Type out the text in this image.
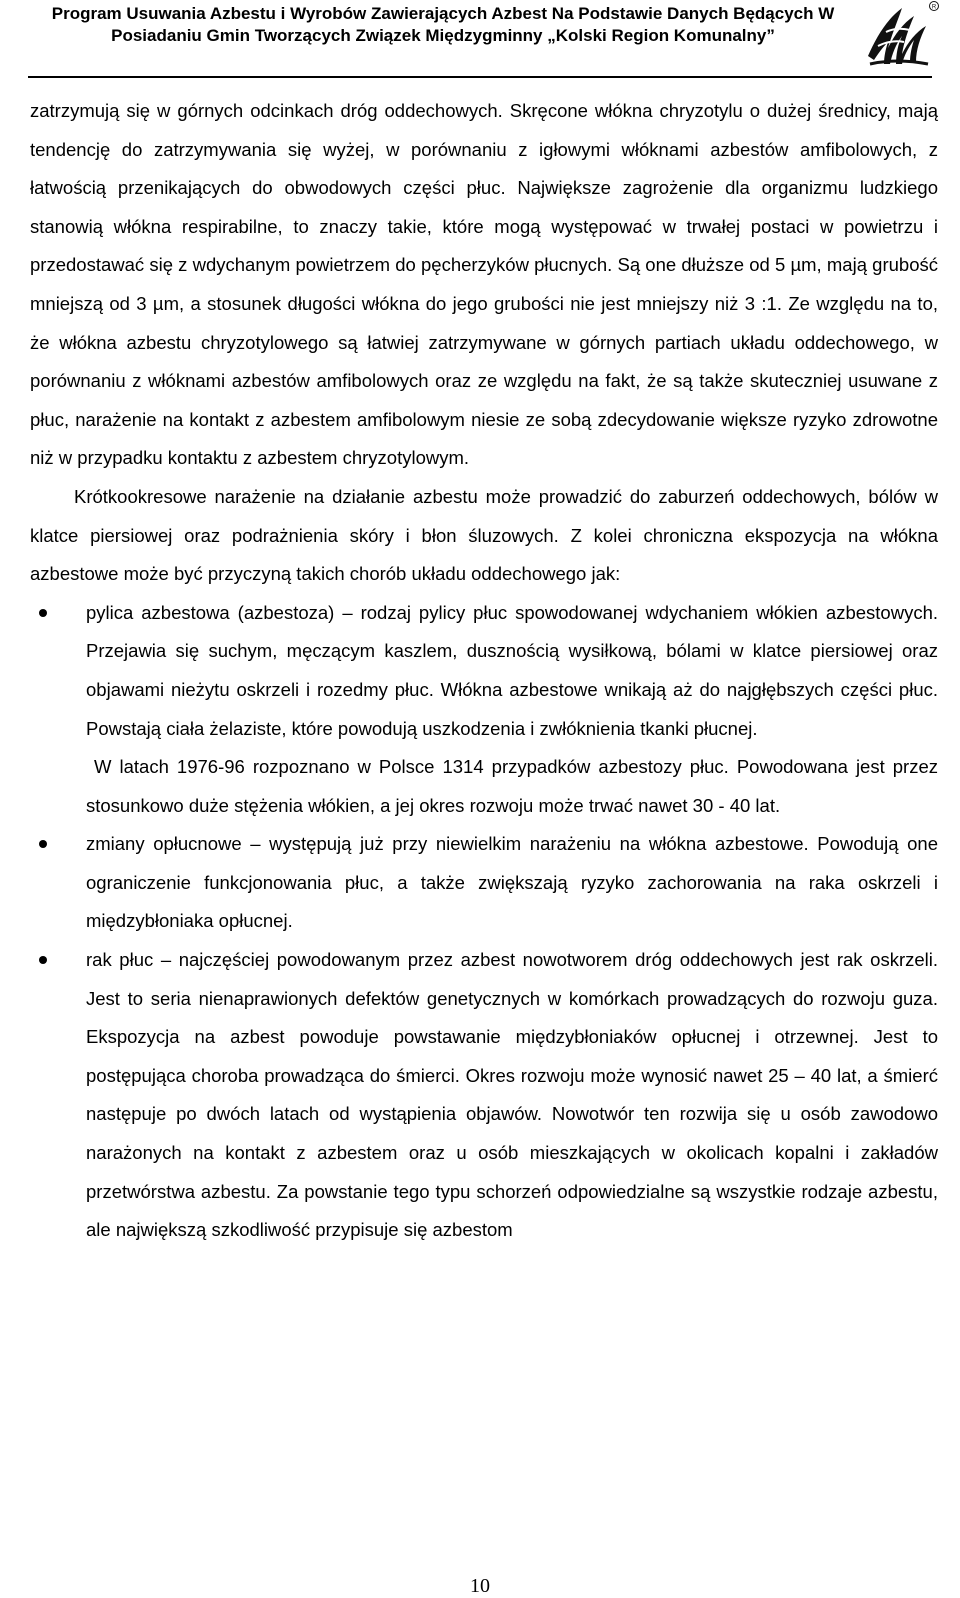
Program Usuwania Azbestu i Wyrobów Zawierających Azbest Na Podstawie Danych Będących W Posiadaniu Gmin Tworzących Związek Międzygminny „Kolski Region Komunalny”

R

zatrzymują się w górnych odcinkach dróg oddechowych. Skręcone włókna chryzotylu o dużej średnicy, mają tendencję do zatrzymywania się wyżej, w porównaniu z igłowymi włóknami azbestów amfibolowych, z łatwością przenikających do obwodowych części płuc. Największe zagrożenie dla organizmu ludzkiego stanowią włókna respirabilne, to znaczy takie, które mogą występować w trwałej postaci w powietrzu i przedostawać się z wdychanym powietrzem do pęcherzyków płucnych. Są one dłuższe od 5 µm, mają grubość mniejszą od 3 µm, a stosunek długości włókna do jego grubości nie jest mniejszy niż 3 :1. Ze względu na to, że włókna azbestu chryzotylowego są łatwiej zatrzymywane w górnych partiach układu oddechowego, w porównaniu z włóknami azbestów amfibolowych oraz ze względu na fakt, że są także skuteczniej usuwane z płuc, narażenie na kontakt z azbestem amfibolowym niesie ze sobą zdecydowanie większe ryzyko zdrowotne niż w przypadku kontaktu z azbestem chryzotylowym.

Krótkookresowe narażenie na działanie azbestu może prowadzić do zaburzeń oddechowych, bólów w klatce piersiowej oraz podrażnienia skóry i błon śluzowych. Z kolei chroniczna ekspozycja na włókna azbestowe może być przyczyną takich chorób układu oddechowego jak:

pylica azbestowa (azbestoza) – rodzaj pylicy płuc spowodowanej wdychaniem włókien azbestowych. Przejawia się suchym, męczącym kaszlem, dusznością wysiłkową, bólami w klatce piersiowej oraz objawami nieżytu oskrzeli i rozedmy płuc. Włókna azbestowe wnikają aż do najgłębszych części płuc. Powstają ciała żelaziste, które powodują uszkodzenia i zwłóknienia tkanki płucnej.

W latach 1976-96 rozpoznano w Polsce 1314 przypadków azbestozy płuc. Powodowana jest przez stosunkowo duże stężenia włókien, a jej okres rozwoju może trwać nawet 30 - 40 lat.

zmiany opłucnowe – występują już przy niewielkim narażeniu na włókna azbestowe. Powodują one ograniczenie funkcjonowania płuc, a także zwiększają ryzyko zachorowania na raka oskrzeli i międzybłoniaka opłucnej.

rak płuc – najczęściej powodowanym przez azbest nowotworem dróg oddechowych jest rak oskrzeli. Jest to seria nienaprawionych defektów genetycznych w komórkach prowadzących do rozwoju guza. Ekspozycja na azbest powoduje powstawanie międzybłoniaków opłucnej i otrzewnej. Jest to postępująca choroba prowadząca do śmierci. Okres rozwoju może wynosić nawet 25 – 40 lat, a śmierć następuje po dwóch latach od wystąpienia objawów. Nowotwór ten rozwija się u osób zawodowo narażonych na kontakt z azbestem oraz u osób mieszkających w okolicach kopalni i zakładów przetwórstwa azbestu. Za powstanie tego typu schorzeń odpowiedzialne są wszystkie rodzaje azbestu, ale największą szkodliwość przypisuje się azbestom

10
